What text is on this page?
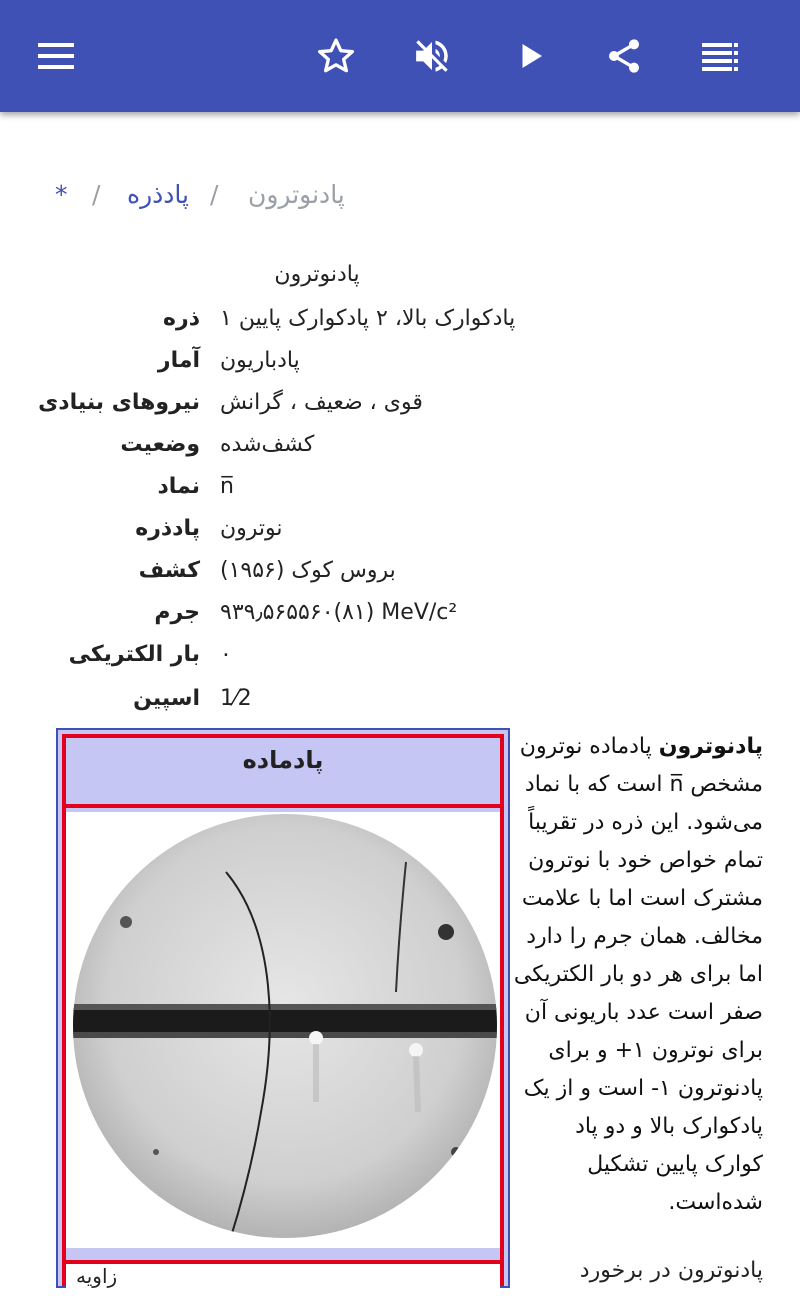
پادنوترون
/
پادذره
/
*
پادنوترون
ذره پادکوارک بالا، ۲ پادکوارک پایین ۱
آمار پادباریون
نیروهای بنیادی قوی ، ضعیف ، گرانش
وضعیت کشف‌شده
نماد n̅
پادذره نوترون
کشف (بروس کوک (۱۹۵۶
جرم ۹۳۹٫۵۶۵۵۶۰(۸۱) MeV/c²
بار الکتریکی ۰
اسپین 1⁄2
پادماده
زاویه

پادنوترون پادماده نوترون مشخص n̅ است که با نماد می‌شود. این ذره در تقریباً تمام خواص خود با نوترون مشترک است اما با علامت مخالف. همان جرم را دارد اما برای هر دو بار الکتریکی صفر است عدد باریونی آن برای نوترون ۱+ و برای پادنوترون ۱- است و از یک پادکوارک بالا و دو پاد کوارک پایین تشکیل شده‌است.

پادنوترون در برخورد
